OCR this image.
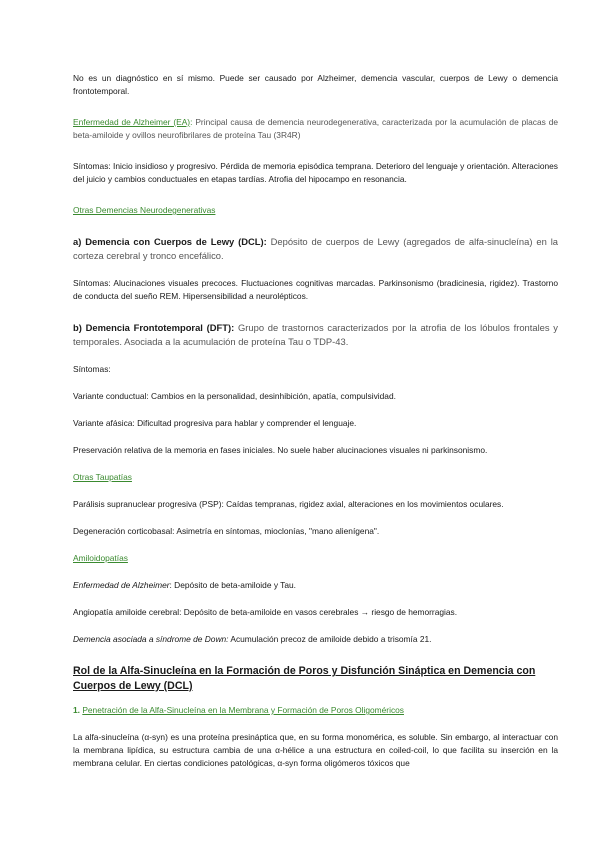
No es un diagnóstico en sí mismo. Puede ser causado por Alzheimer, demencia vascular, cuerpos de Lewy o demencia frontotemporal.

Enfermedad de Alzheimer (EA): Principal causa de demencia neurodegenerativa, caracterizada por la acumulación de placas de beta-amiloide y ovillos neurofibrilares de proteína Tau (3R4R)

Síntomas: Inicio insidioso y progresivo. Pérdida de memoria episódica temprana. Deterioro del lenguaje y orientación. Alteraciones del juicio y cambios conductuales en etapas tardías. Atrofia del hipocampo en resonancia.

Otras Demencias Neurodegenerativas

a) Demencia con Cuerpos de Lewy (DCL): Depósito de cuerpos de Lewy (agregados de alfa-sinucleína) en la corteza cerebral y tronco encefálico.

Síntomas: Alucinaciones visuales precoces. Fluctuaciones cognitivas marcadas. Parkinsonismo (bradicinesia, rigidez). Trastorno de conducta del sueño REM. Hipersensibilidad a neurolépticos.

b) Demencia Frontotemporal (DFT): Grupo de trastornos caracterizados por la atrofia de los lóbulos frontales y temporales. Asociada a la acumulación de proteína Tau o TDP-43.

Síntomas:

Variante conductual: Cambios en la personalidad, desinhibición, apatía, compulsividad.

Variante afásica: Dificultad progresiva para hablar y comprender el lenguaje.

Preservación relativa de la memoria en fases iniciales. No suele haber alucinaciones visuales ni parkinsonismo.

Otras Taupatías

Parálisis supranuclear progresiva (PSP): Caídas tempranas, rigidez axial, alteraciones en los movimientos oculares.

Degeneración corticobasal: Asimetría en síntomas, mioclonías, "mano alienígena".

Amiloidopatías

Enfermedad de Alzheimer: Depósito de beta-amiloide y Tau.

Angiopatía amiloide cerebral: Depósito de beta-amiloide en vasos cerebrales → riesgo de hemorragias.

Demencia asociada a síndrome de Down: Acumulación precoz de amiloide debido a trisomía 21.

Rol de la Alfa-Sinucleína en la Formación de Poros y Disfunción Sináptica en Demencia con Cuerpos de Lewy (DCL)

1. Penetración de la Alfa-Sinucleína en la Membrana y Formación de Poros Oligoméricos

La alfa-sinucleína (α-syn) es una proteína presináptica que, en su forma monomérica, es soluble. Sin embargo, al interactuar con la membrana lipídica, su estructura cambia de una α-hélice a una estructura en coiled-coil, lo que facilita su inserción en la membrana celular. En ciertas condiciones patológicas, α-syn forma oligómeros tóxicos que
